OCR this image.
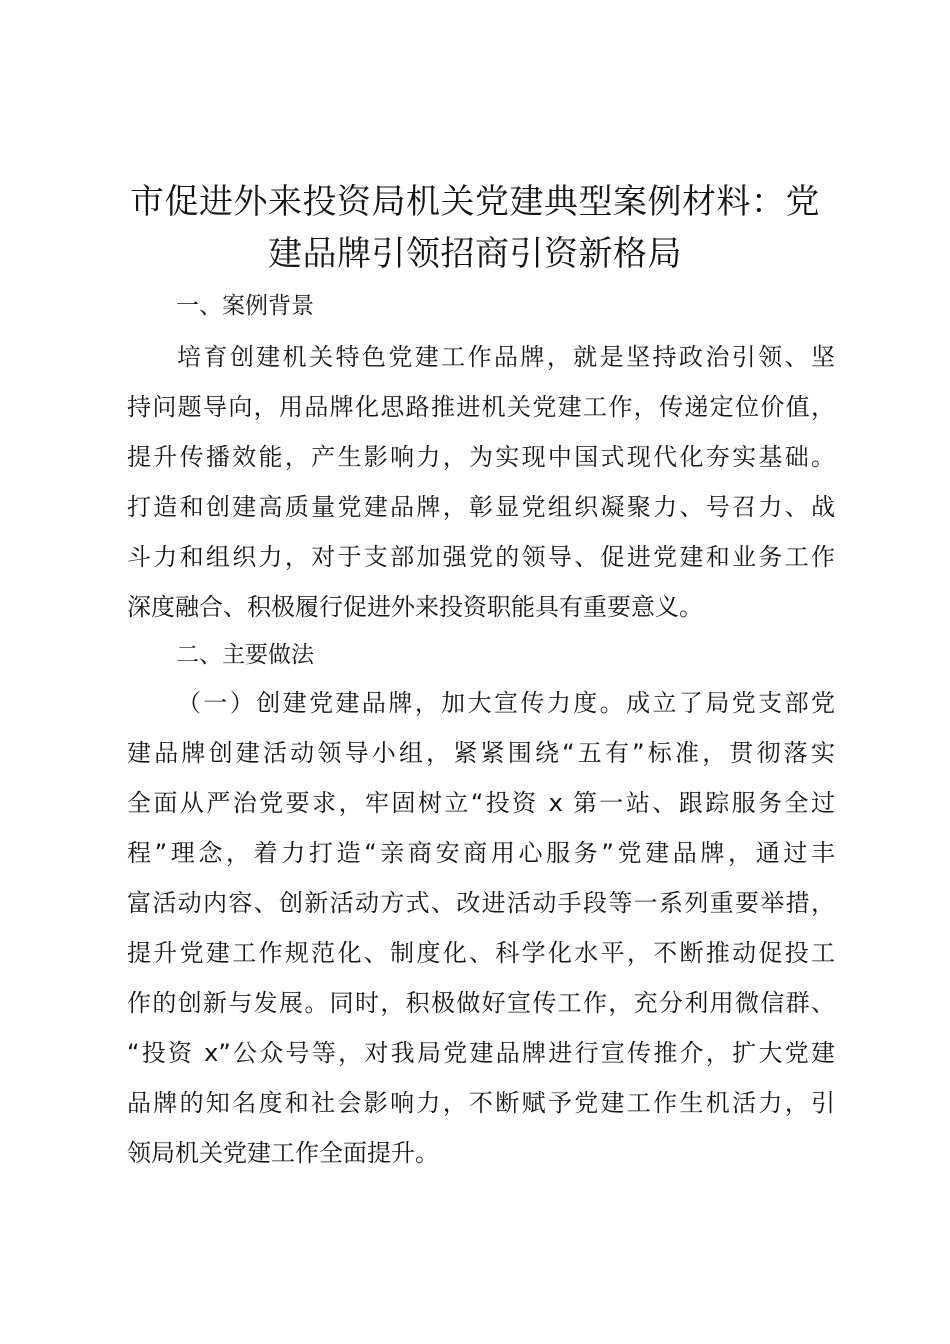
市促进外来投资局机关党建典型案例材料：党
建品牌引领招商引资新格局
一、案例背景
培育创建机关特色党建工作品牌，就是坚持政治引领、坚
持问题导向，用品牌化思路推进机关党建工作，传递定位价值，
提升传播效能，产生影响力，为实现中国式现代化夯实基础。
打造和创建高质量党建品牌，彰显党组织凝聚力、号召力、战
斗力和组织力，对于支部加强党的领导、促进党建和业务工作
深度融合、积极履行促进外来投资职能具有重要意义。
二、主要做法
（一）创建党建品牌，加大宣传力度。成立了局党支部党
建品牌创建活动领导小组，紧紧围绕“五有”标准，贯彻落实
全面从严治党要求，牢固树立“投资 x 第一站、跟踪服务全过
程”理念，着力打造“亲商安商用心服务”党建品牌，通过丰
富活动内容、创新活动方式、改进活动手段等一系列重要举措，
提升党建工作规范化、制度化、科学化水平，不断推动促投工
作的创新与发展。同时，积极做好宣传工作，充分利用微信群、
“投资 x”公众号等，对我局党建品牌进行宣传推介，扩大党建
品牌的知名度和社会影响力，不断赋予党建工作生机活力，引
领局机关党建工作全面提升。
